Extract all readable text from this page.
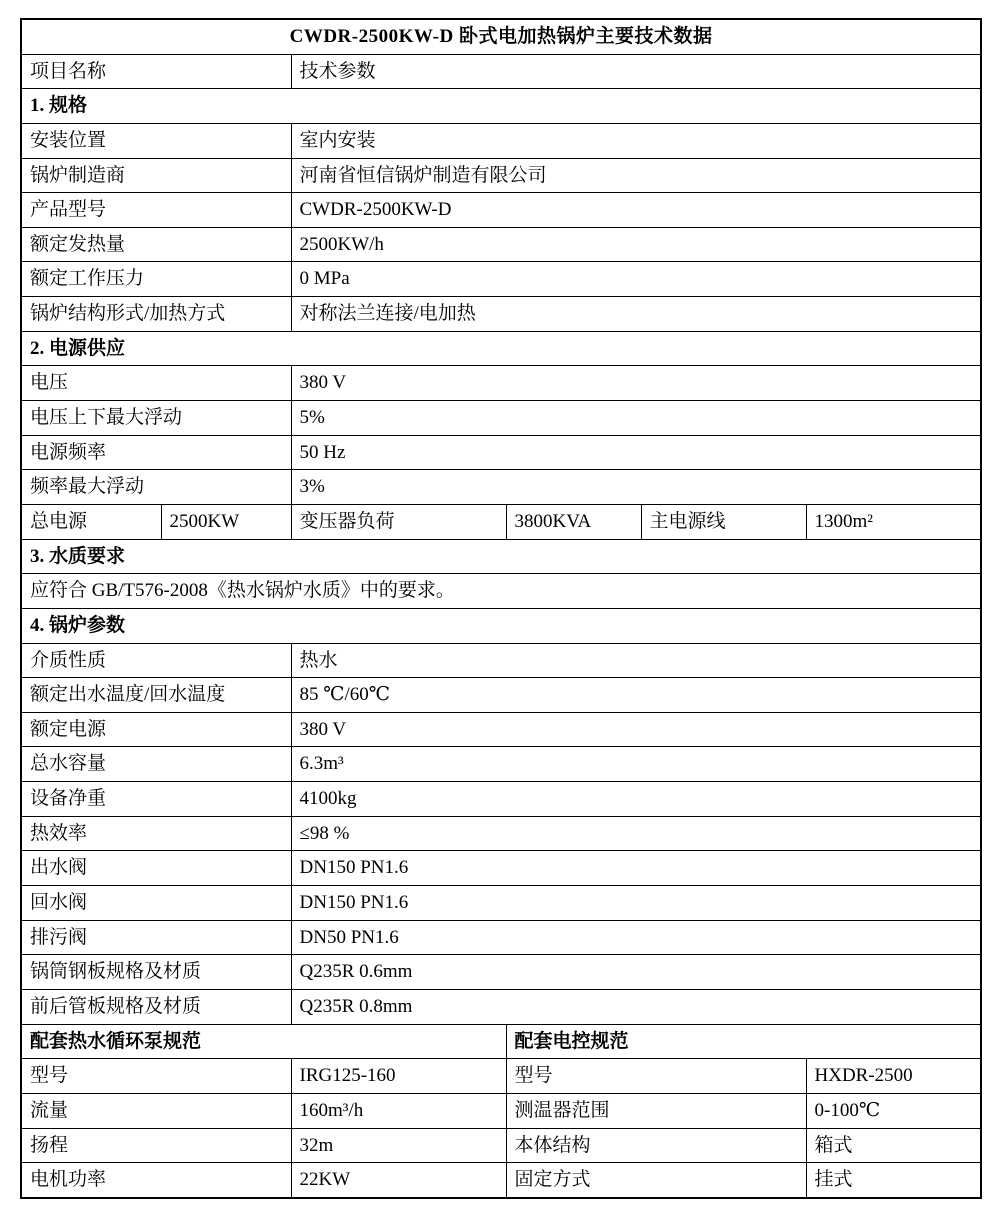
CWDR-2500KW-D 卧式电加热锅炉主要技术数据					
项目名称		技术参数			
1. 规格					
安装位置		室内安装			
锅炉制造商		河南省恒信锅炉制造有限公司			
产品型号		CWDR-2500KW-D			
额定发热量		2500KW/h			
额定工作压力		0 MPa			
锅炉结构形式/加热方式		对称法兰连接/电加热			
2. 电源供应					
电压		380 V			
电压上下最大浮动		5%			
电源频率		50 Hz			
频率最大浮动		3%			
总电源	2500KW	变压器负荷	3800KVA	主电源线	1300m²
3. 水质要求					
应符合 GB/T576-2008《热水锅炉水质》中的要求。					
4. 锅炉参数					
介质性质		热水			
额定出水温度/回水温度		85 ℃/60℃			
额定电源		380 V			
总水容量		6.3m³			
设备净重		4100kg			
热效率		≤98 %			
出水阀		DN150 PN1.6			
回水阀		DN150 PN1.6			
排污阀		DN50 PN1.6			
锅筒钢板规格及材质		Q235R 0.6mm			
前后管板规格及材质		Q235R 0.8mm			
配套热水循环泵规范			配套电控规范		
型号		IRG125-160	型号		HXDR-2500
流量		160m³/h	测温器范围		0-100℃
扬程		32m	本体结构		箱式
电机功率		22KW	固定方式		挂式
